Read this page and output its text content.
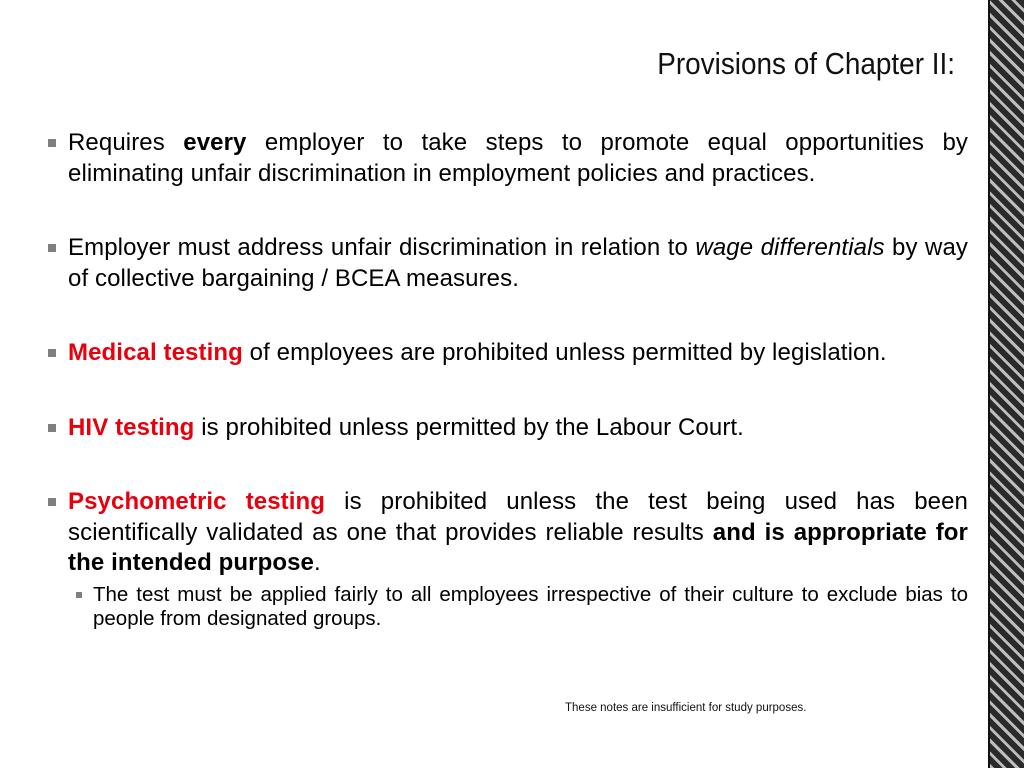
Provisions of Chapter II:
Requires every employer to take steps to promote equal opportunities by eliminating unfair discrimination in employment policies and practices.
Employer must address unfair discrimination in relation to wage differentials by way of collective bargaining / BCEA measures.
Medical testing of employees are prohibited unless permitted by legislation.
HIV testing is prohibited unless permitted by the Labour Court.
Psychometric testing is prohibited unless the test being used has been scientifically validated as one that provides reliable results and is appropriate for the intended purpose.
The test must be applied fairly to all employees irrespective of their culture to exclude bias to people from designated groups.
These notes are insufficient for study purposes.
